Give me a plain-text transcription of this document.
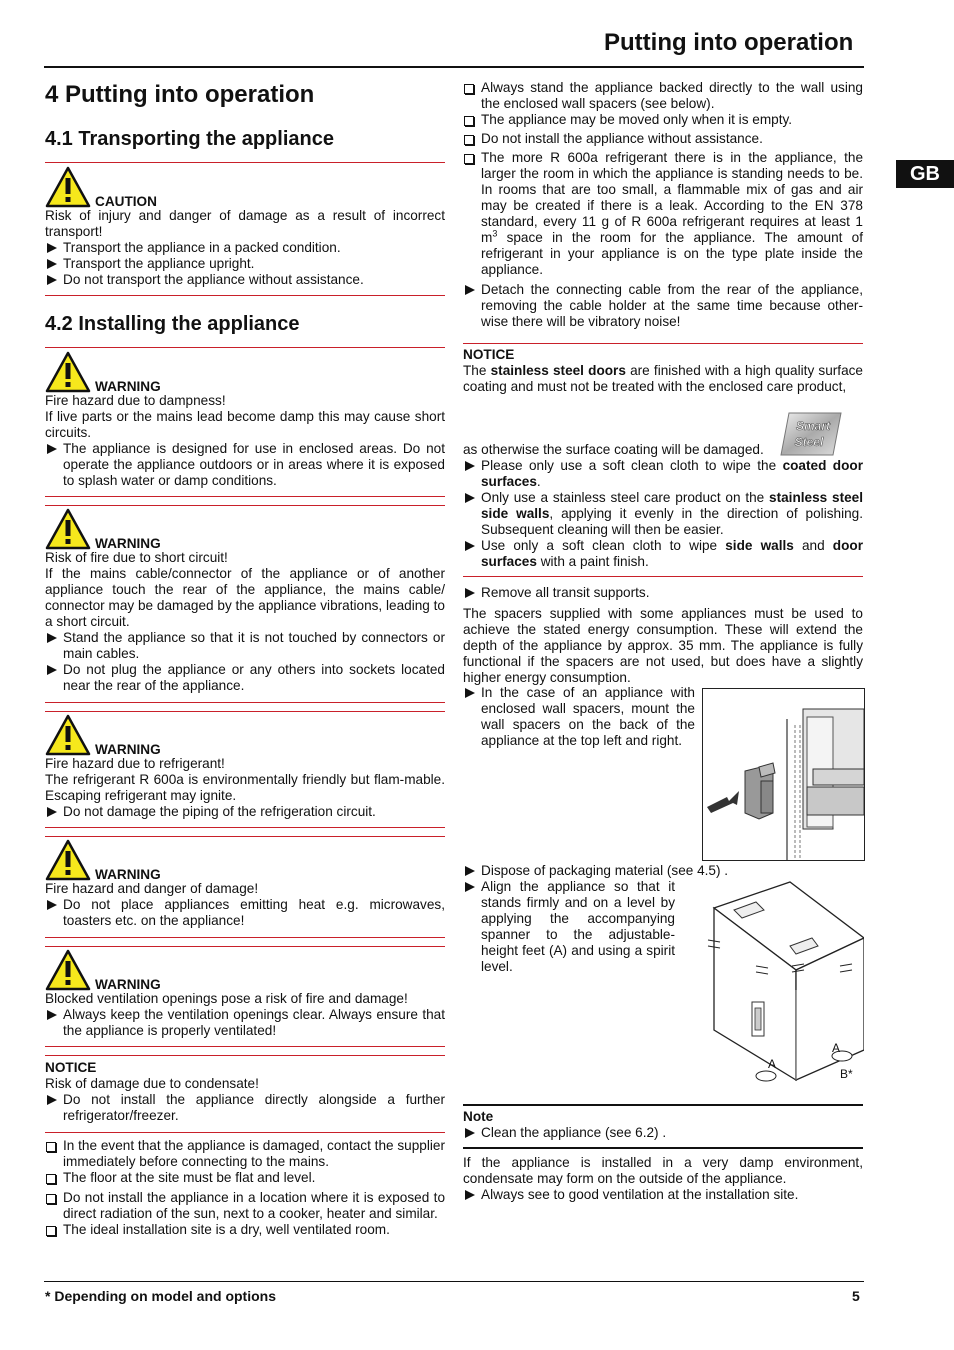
Putting into operation
GB
4 Putting into operation
4.1 Transporting the appliance
CAUTION

Risk of injury and danger of damage as a result of incorrect transport!

Transport the appliance in a packed condition.
Transport the appliance upright.
Do not transport the appliance without assistance.
4.2 Installing the appliance
WARNING

Fire hazard due to dampness!

If live parts or the mains lead become damp this may cause short circuits.

The appliance is designed for use in enclosed areas. Do not operate the appliance outdoors or in areas where it is exposed to splash water or damp conditions.
WARNING

Risk of fire due to short circuit!

If the mains cable/connector of the appliance or of another appliance touch the rear of the appliance, the mains cable/ connector may be damaged by the appliance vibrations, leading to a short circuit.

Stand the appliance so that it is not touched by connectors or main cables.
Do not plug the appliance or any others into sockets located near the rear of the appliance.
WARNING

Fire hazard due to refrigerant!

The refrigerant R 600a is environmentally friendly but flam-mable. Escaping refrigerant may ignite.

Do not damage the piping of the refrigeration circuit.
WARNING

Fire hazard and danger of damage!

Do not place appliances emitting heat e.g. microwaves, toasters etc. on the appliance!
WARNING

Blocked ventilation openings pose a risk of fire and damage!

Always keep the ventilation openings clear. Always ensure that the appliance is properly ventilated!
NOTICE

Risk of damage due to condensate!

Do not install the appliance directly alongside a further refrigerator/freezer.
In the event that the appliance is damaged, contact the supplier immediately before connecting to the mains.
The floor at the site must be flat and level.
Do not install the appliance in a location where it is exposed to direct radiation of the sun, next to a cooker, heater and similar.
The ideal installation site is a dry, well ventilated room.
Always stand the appliance backed directly to the wall using the enclosed wall spacers (see below).
The appliance may be moved only when it is empty.
Do not install the appliance without assistance.
The more R 600a refrigerant there is in the appliance, the larger the room in which the appliance is standing needs to be. In rooms that are too small, a flammable mix of gas and air may be created if there is a leak. According to the EN 378 standard, every 11 g of R 600a refrigerant requires at least 1 $m^3$ space in the room for the appliance. The amount of refrigerant in your appliance is on the type plate inside the appliance.
Detach the connecting cable from the rear of the appliance, removing the cable holder at the same time because other-wise there will be vibratory noise!
NOTICE

The stainless steel doors are finished with a high quality surface coating and must not be treated with the enclosed care product,

Smart
Steel

as otherwise the surface coating will be damaged.

Please only use a soft clean cloth to wipe the coated door surfaces.
Only use a stainless steel care product on the stainless steel side walls, applying it evenly in the direction of polishing. Subsequent cleaning will then be easier.
Use only a soft clean cloth to wipe side walls and door surfaces with a paint finish.
Remove all transit supports.

The spacers supplied with some appliances must be used to achieve the stated energy consumption. These will extend the depth of the appliance by approx. 35 mm. The appliance is fully functional if the spacers are not used, but does have a slightly higher energy consumption.

In the case of an appliance with enclosed wall spacers, mount the wall spacers on the back of the appliance at the top left and right.
Dispose of packaging material (see 4.5) .
Align the appliance so that it stands firmly and on a level by applying the accompanying spanner to the adjustable-height feet (A) and using a spirit level.
A
A
B*
Note
Clean the appliance (see 6.2) .

If the appliance is installed in a very damp environment, condensate may form on the outside of the appliance.

Always see to good ventilation at the installation site.
* Depending on model and options	5
